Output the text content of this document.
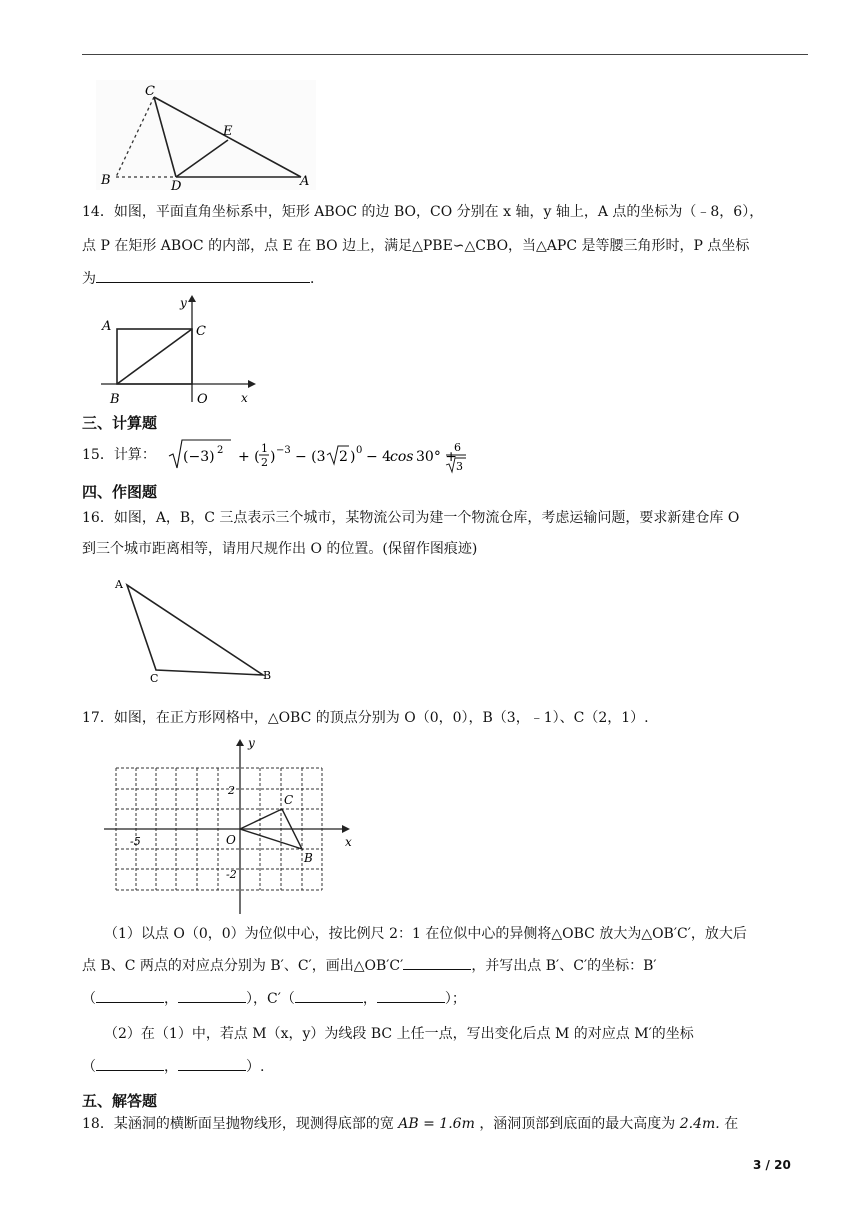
C
E
B	D	A
14．如图，平面直角坐标系中，矩形 ABOC 的边 BO，CO 分别在 x 轴，y 轴上，A 点的坐标为（﹣8，6），
点 P 在矩形 ABOC 的内部，点 E 在 BO 边上，满足△PBE∽△CBO，当△APC 是等腰三角形时，P 点坐标
为	．
y
A	C
B	O	x
三、计算题
15．计算： (−3) 2 + (
1
2 ) −3 − (3 2 ) 0 − 4
cos 30° +
6
3
四、作图题
16．如图，A，B，C 三点表示三个城市，某物流公司为建一个物流仓库，考虑运输问题，要求新建仓库 O
到三个城市距离相等，请用尺规作出 O 的位置。(保留作图痕迹)
A
B
C
17．如图，在正方形网格中，△OBC 的顶点分别为 O（0，0），B（3，﹣1）、C（2，1）.
y
x
2
-2
-5	O
C
B
（1）以点 O（0，0）为位似中心，按比例尺 2：1 在位似中心的异侧将△OBC 放大为△OB′C′，放大后
点 B、C 两点的对应点分别为 B′、C′，画出△OB′C′	，并写出点 B′、C′的坐标：B′
（	，	），C′（	，	）；
（2）在（1）中，若点 M（x，y）为线段 BC 上任一点，写出变化后点 M 的对应点 M′的坐标
（	，	）.
五、解答题
18．某涵洞的横断面呈抛物线形，现测得底部的宽 AB = 1.6m ，涵洞顶部到底面的最大高度为 2.4m. 在
3 / 20
